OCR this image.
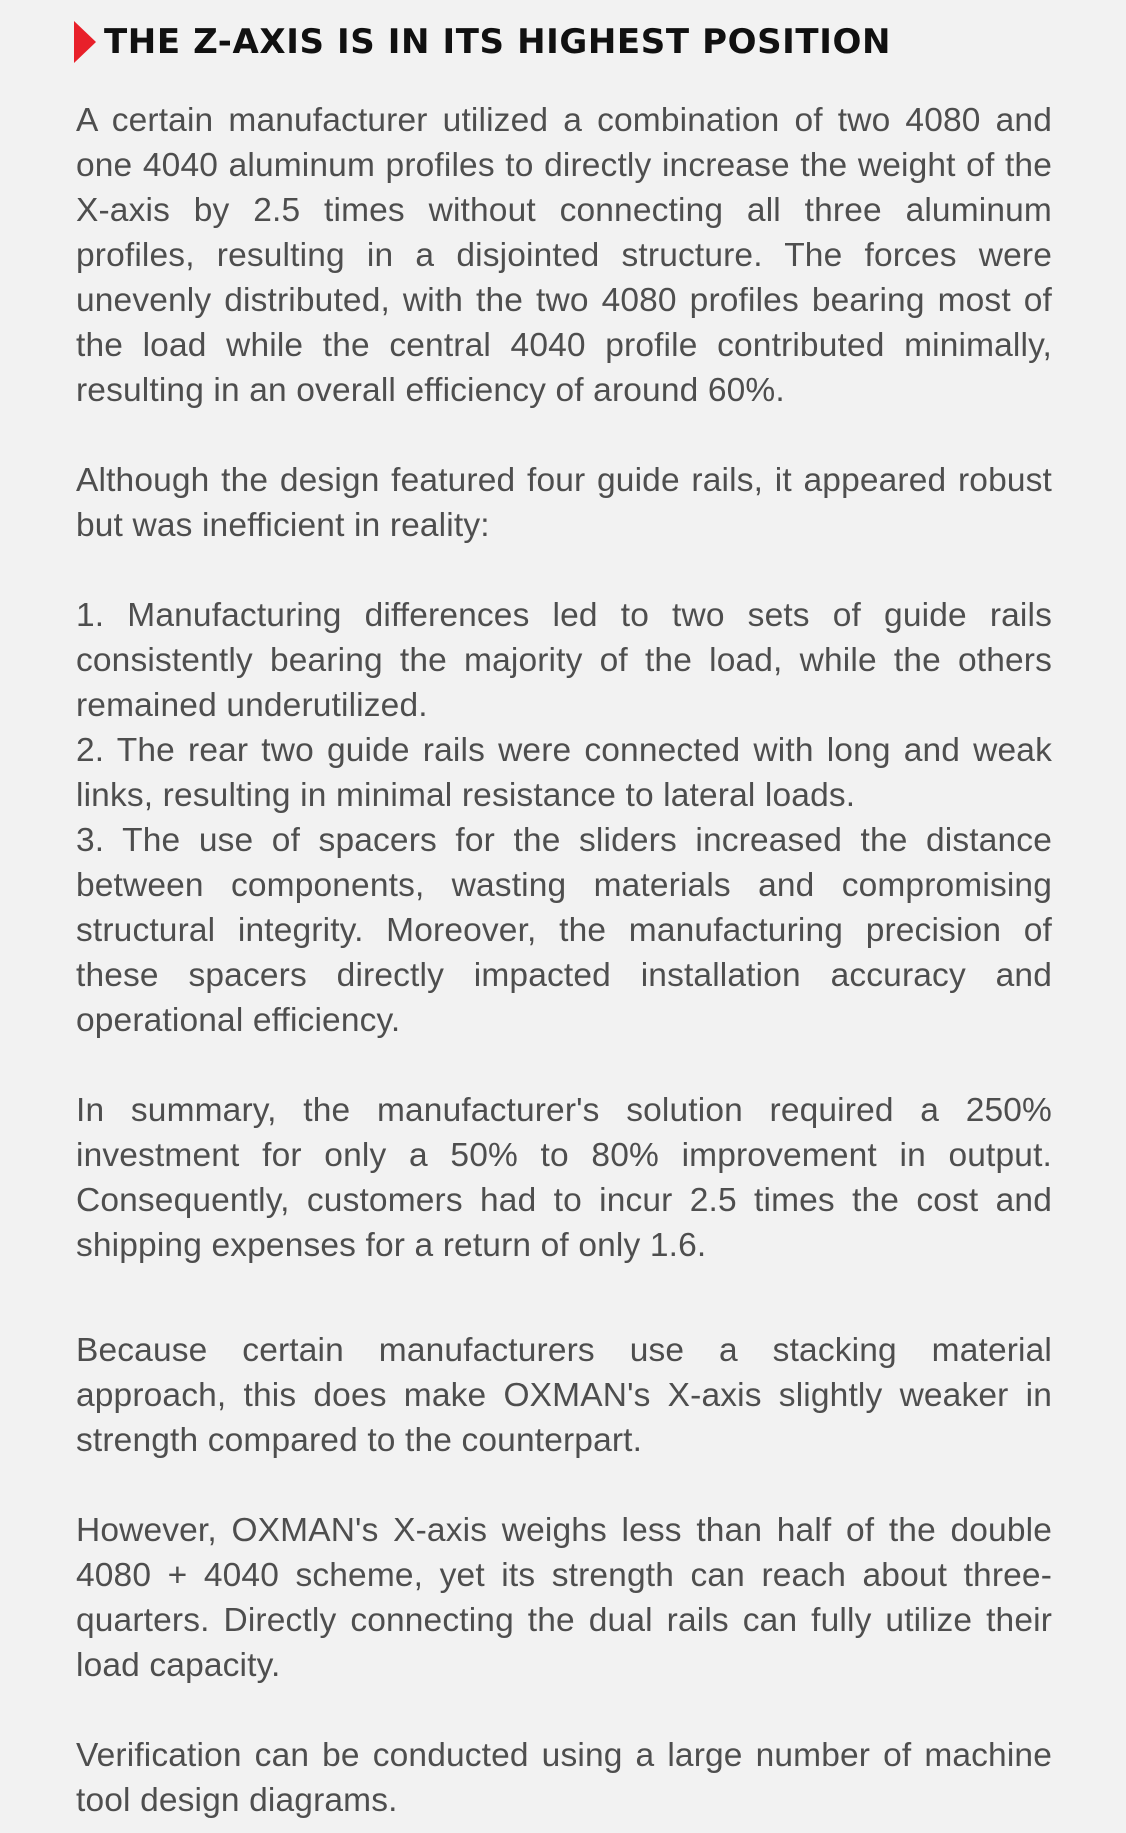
THE Z-AXIS IS IN ITS HIGHEST POSITION

A certain manufacturer utilized a combination of two 4080 and one 4040 aluminum profiles to directly increase the weight of the X-axis by 2.5 times without connecting all three aluminum profiles, resulting in a disjointed structure. The forces were unevenly distributed, with the two 4080 profiles bearing most of the load while the central 4040 profile contributed minimally, resulting in an overall efficiency of around 60%.

Although the design featured four guide rails, it appeared robust but was inefficient in reality:

1. Manufacturing differences led to two sets of guide rails consistently bearing the majority of the load, while the others remained underutilized.
2. The rear two guide rails were connected with long and weak links, resulting in minimal resistance to lateral loads.
3. The use of spacers for the sliders increased the distance between components, wasting materials and compromising structural integrity. Moreover, the manufacturing precision of these spacers directly impacted installation accuracy and operational efficiency.

In summary, the manufacturer's solution required a 250% investment for only a 50% to 80% improvement in output. Consequently, customers had to incur 2.5 times the cost and shipping expenses for a return of only 1.6.

Because certain manufacturers use a stacking material approach, this does make OXMAN's X-axis slightly weaker in strength compared to the counterpart.

However, OXMAN's X-axis weighs less than half of the double 4080 + 4040 scheme, yet its strength can reach about three-quarters. Directly connecting the dual rails can fully utilize their load capacity.

Verification can be conducted using a large number of machine tool design diagrams.
